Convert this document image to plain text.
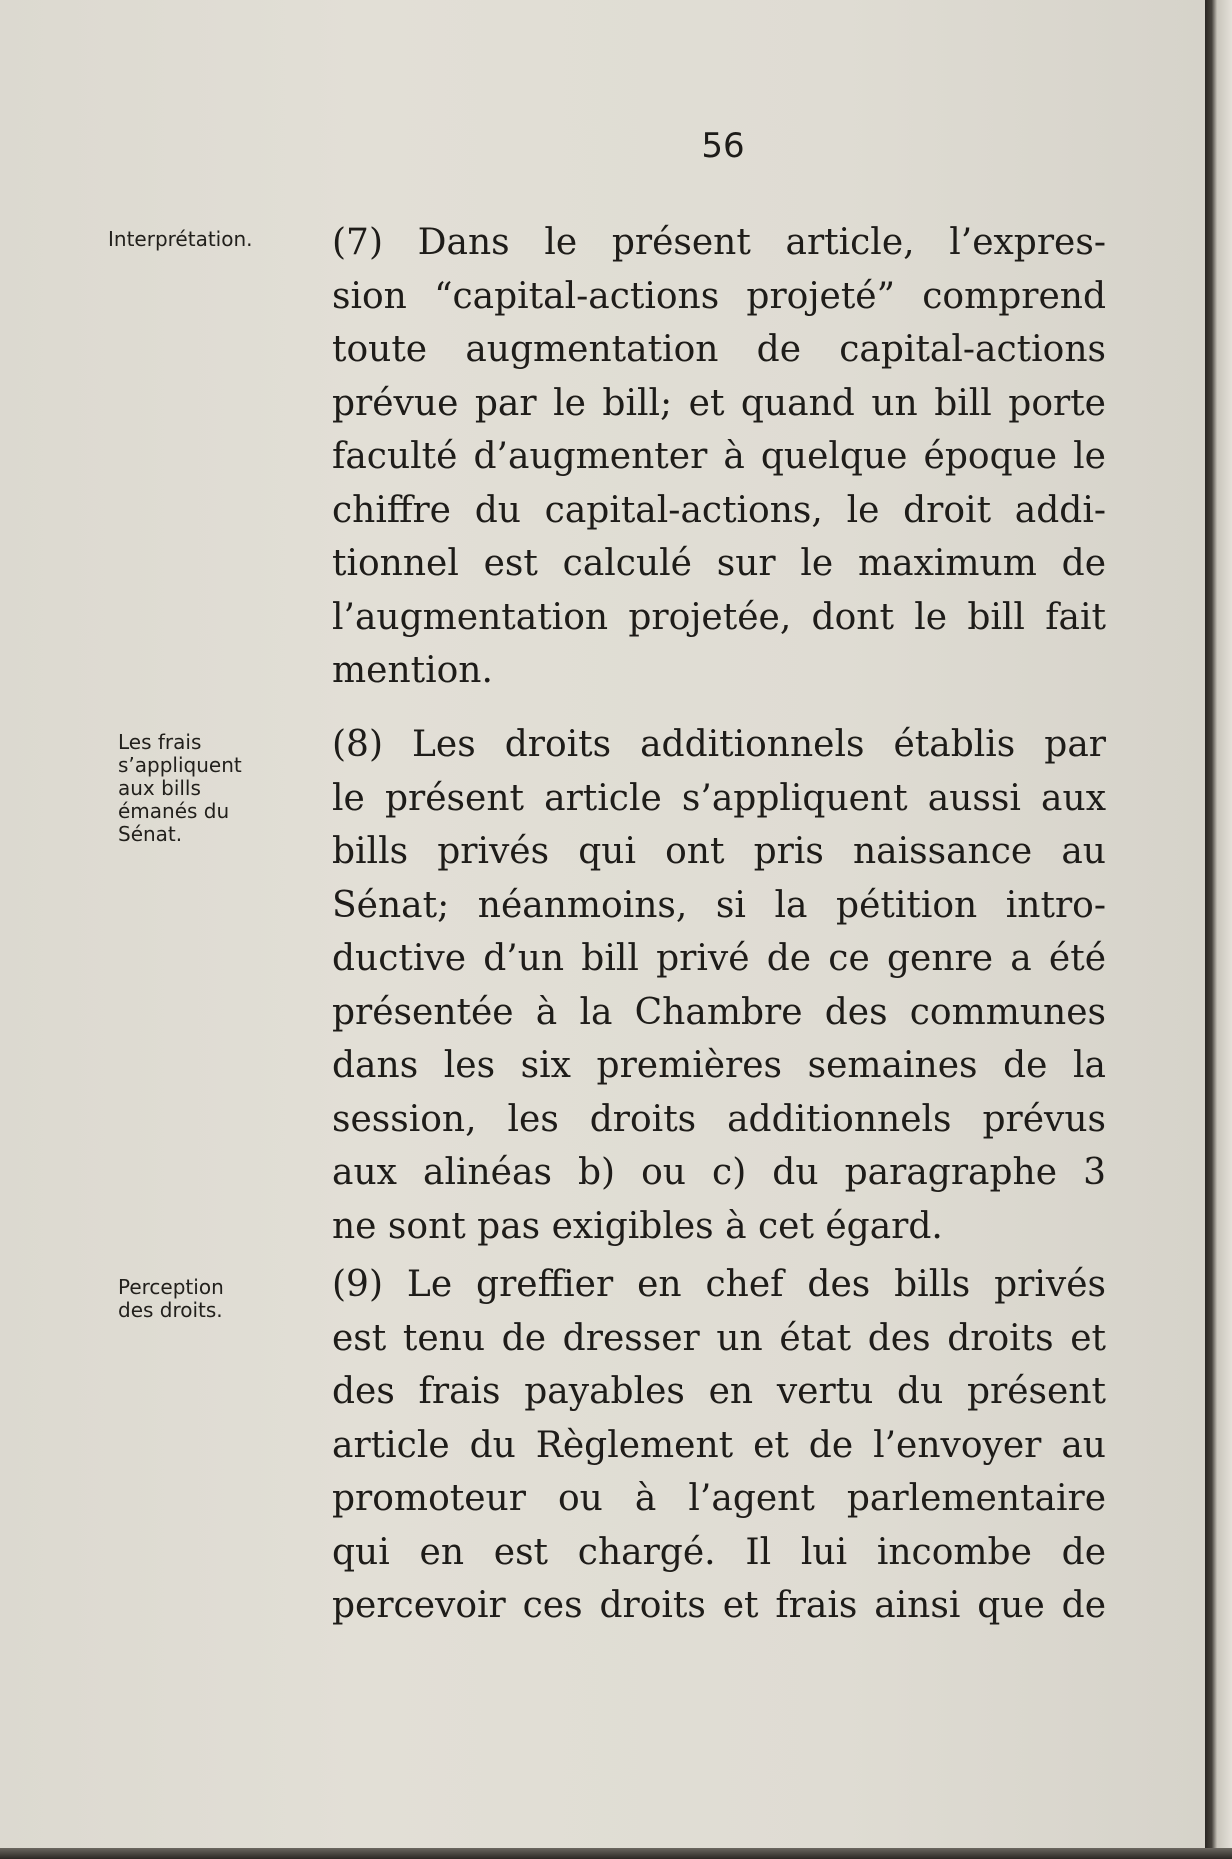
56
Interprétation. (7) Dans le présent article, l’expres-
sion “capital-actions projeté” comprend
toute augmentation de capital-actions
prévue par le bill; et quand un bill porte
faculté d’augmenter à quelque époque le
chiffre du capital-actions, le droit addi-
tionnel est calculé sur le maximum de
l’augmentation projetée, dont le bill fait
mention.
Les frais
s’appliquent
aux bills
émanés du
Sénat.
(8) Les droits additionnels établis par
le présent article s’appliquent aussi aux
bills privés qui ont pris naissance au
Sénat; néanmoins, si la pétition intro-
ductive d’un bill privé de ce genre a été
présentée à la Chambre des communes
dans les six premières semaines de la
session, les droits additionnels prévus
aux alinéas b) ou c) du paragraphe 3
ne sont pas exigibles à cet égard.
Perception
des droits.
(9) Le greffier en chef des bills privés
est tenu de dresser un état des droits et
des frais payables en vertu du présent
article du Règlement et de l’envoyer au
promoteur ou à l’agent parlementaire
qui en est chargé. Il lui incombe de
percevoir ces droits et frais ainsi que de
